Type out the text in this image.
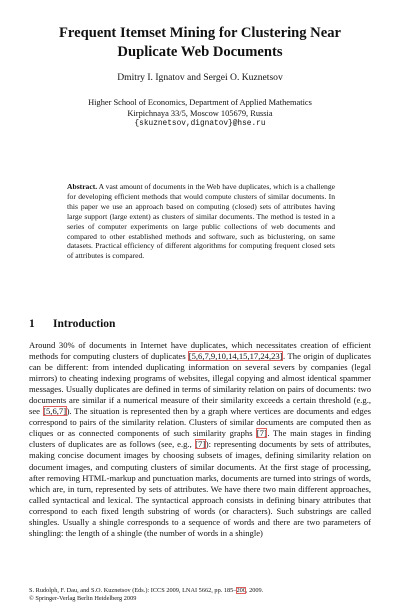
Frequent Itemset Mining for Clustering Near
Duplicate Web Documents
Dmitry I. Ignatov and Sergei O. Kuznetsov
Higher School of Economics, Department of Applied Mathematics
Kirpichnaya 33/5, Moscow 105679, Russia
{skuznetsov,dignatov}@hse.ru
Abstract. A vast amount of documents in the Web have duplicates, which is a challenge for developing efficient methods that would compute clusters of similar documents. In this paper we use an approach based on computing (closed) sets of attributes having large support (large extent) as clusters of similar documents. The method is tested in a series of computer experiments on large public collections of web documents and compared to other established methods and software, such as biclustering, on same datasets. Practical efficiency of different algorithms for computing frequent closed sets of attributes is compared.
1 Introduction

Around 30% of documents in Internet have duplicates, which necessitates creation of efficient methods for computing clusters of duplicates [5,6,7,9,10,14,15,17,24,23]. The origin of duplicates can be different: from intended duplicating information on several severs by companies (legal mirrors) to cheating indexing programs of websites, illegal copying and almost identical spammer messages. Usually duplicates are defined in terms of similarity relation on pairs of documents: two documents are similar if a numerical measure of their similarity exceeds a certain threshold (e.g., see [5,6,7]). The situation is represented then by a graph where vertices are documents and edges correspond to pairs of the similarity relation. Clusters of similar documents are computed then as cliques or as connected components of such similarity graphs [7]. The main stages in finding clusters of duplicates are as follows (see, e.g., [7]): representing documents by sets of attributes, making concise document images by choosing subsets of images, defining similarity relation on document images, and computing clusters of similar documents. At the first stage of processing, after removing HTML-markup and punctuation marks, documents are turned into strings of words, which are, in turn, represented by sets of attributes. We have there two main different approaches, called syntactical and lexical. The syntactical approach consists in defining binary attributes that correspond to each fixed length substring of words (or characters). Such substrings are called shingles. Usually a shingle corresponds to a sequence of words and there are two parameters of shingling: the length of a shingle (the number of words in a shingle)

S. Rudolph, F. Dau, and S.O. Kuznetsov (Eds.): ICCS 2009, LNAI 5662, pp. 185–200, 2009.
© Springer-Verlag Berlin Heidelberg 2009
